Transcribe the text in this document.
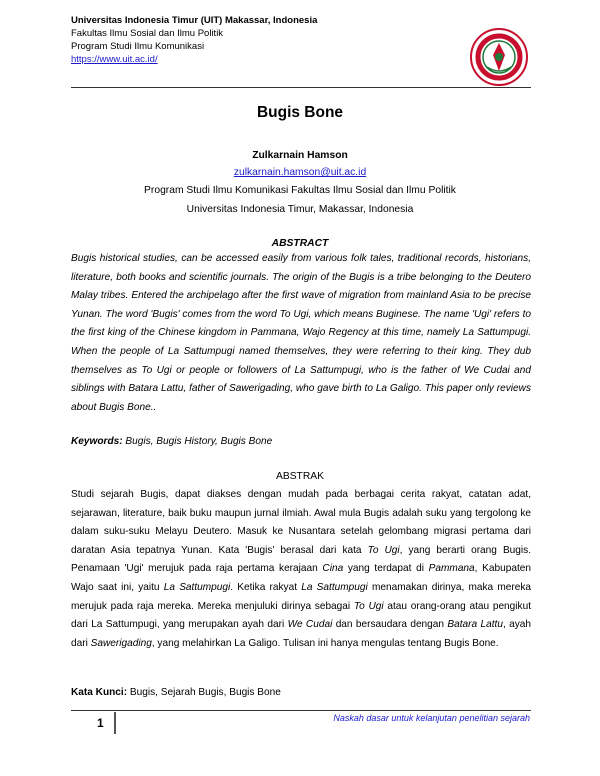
Universitas Indonesia Timur (UIT) Makassar, Indonesia
Fakultas Ilmu Sosial dan Ilmu Politik
Program Studi Ilmu Komunikasi
https://www.uit.ac.id/
Bugis Bone
Zulkarnain Hamson
zulkarnain.hamson@uit.ac.id
Program Studi Ilmu Komunikasi Fakultas Ilmu Sosial dan Ilmu Politik
Universitas Indonesia Timur, Makassar, Indonesia
ABSTRACT
Bugis historical studies, can be accessed easily from various folk tales, traditional records, historians, literature, both books and scientific journals. The origin of the Bugis is a tribe belonging to the Deutero Malay tribes. Entered the archipelago after the first wave of migration from mainland Asia to be precise Yunan. The word 'Bugis' comes from the word To Ugi, which means Buginese. The name 'Ugi' refers to the first king of the Chinese kingdom in Pammana, Wajo Regency at this time, namely La Sattumpugi. When the people of La Sattumpugi named themselves, they were referring to their king. They dub themselves as To Ugi or people or followers of La Sattumpugi, who is the father of We Cudai and siblings with Batara Lattu, father of Sawerigading, who gave birth to La Galigo. This paper only reviews about Bugis Bone..
Keywords: Bugis, Bugis History, Bugis Bone
ABSTRAK
Studi sejarah Bugis, dapat diakses dengan mudah pada berbagai cerita rakyat, catatan adat, sejarawan, literature, baik buku maupun jurnal ilmiah. Awal mula Bugis adalah suku yang tergolong ke dalam suku-suku Melayu Deutero. Masuk ke Nusantara setelah gelombang migrasi pertama dari daratan Asia tepatnya Yunan. Kata 'Bugis' berasal dari kata To Ugi, yang berarti orang Bugis. Penamaan 'Ugi' merujuk pada raja pertama kerajaan Cina yang terdapat di Pammana, Kabupaten Wajo saat ini, yaitu La Sattumpugi. Ketika rakyat La Sattumpugi menamakan dirinya, maka mereka merujuk pada raja mereka. Mereka menjuluki dirinya sebagai To Ugi atau orang-orang atau pengikut dari La Sattumpugi, yang merupakan ayah dari We Cudai dan bersaudara dengan Batara Lattu, ayah dari Sawerigading, yang melahirkan La Galigo. Tulisan ini hanya mengulas tentang Bugis Bone.
Kata Kunci: Bugis, Sejarah Bugis, Bugis Bone
1	Naskah dasar untuk kelanjutan penelitian sejarah
